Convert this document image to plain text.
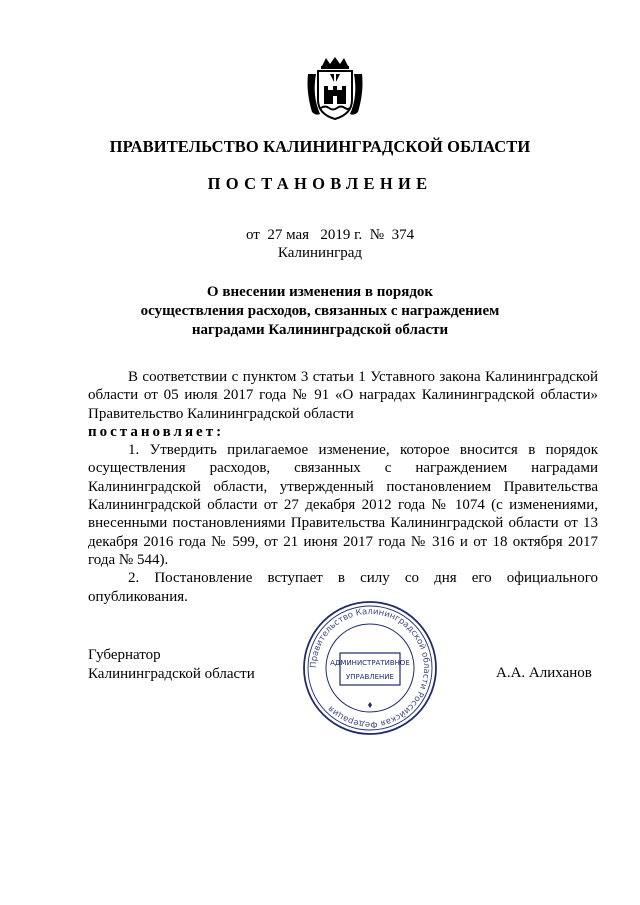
ПРАВИТЕЛЬСТВО КАЛИНИНГРАДСКОЙ ОБЛАСТИ
ПОСТАНОВЛЕНИЕ
от 27 мая 2019 г. № 374
Калининград
О внесении изменения в порядок
осуществления расходов, связанных с награждением
наградами Калининградской области

В соответствии с пунктом 3 статьи 1 Уставного закона Калининградской области от 05 июля 2017 года № 91 «О наградах Калининградской области» Правительство Калининградской области

постановляет:

1. Утвердить прилагаемое изменение, которое вносится в порядок осуществления расходов, связанных с награждением наградами Калининградской области, утвержденный постановлением Правительства Калининградской области от 27 декабря 2012 года № 1074 (с изменениями, внесенными постановлениями Правительства Калининградской области от 13 декабря 2016 года № 599, от 21 июня 2017 года № 316 и от 18 октября 2017 года № 544).

2. Постановление вступает в силу со дня его официального опубликования.

Губернатор
Калининградской области	А.А. Алиханов
Правительство Калининградской области Российская Федерация
АДМИНИСТРАТИВНОЕ
УПРАВЛЕНИЕ
